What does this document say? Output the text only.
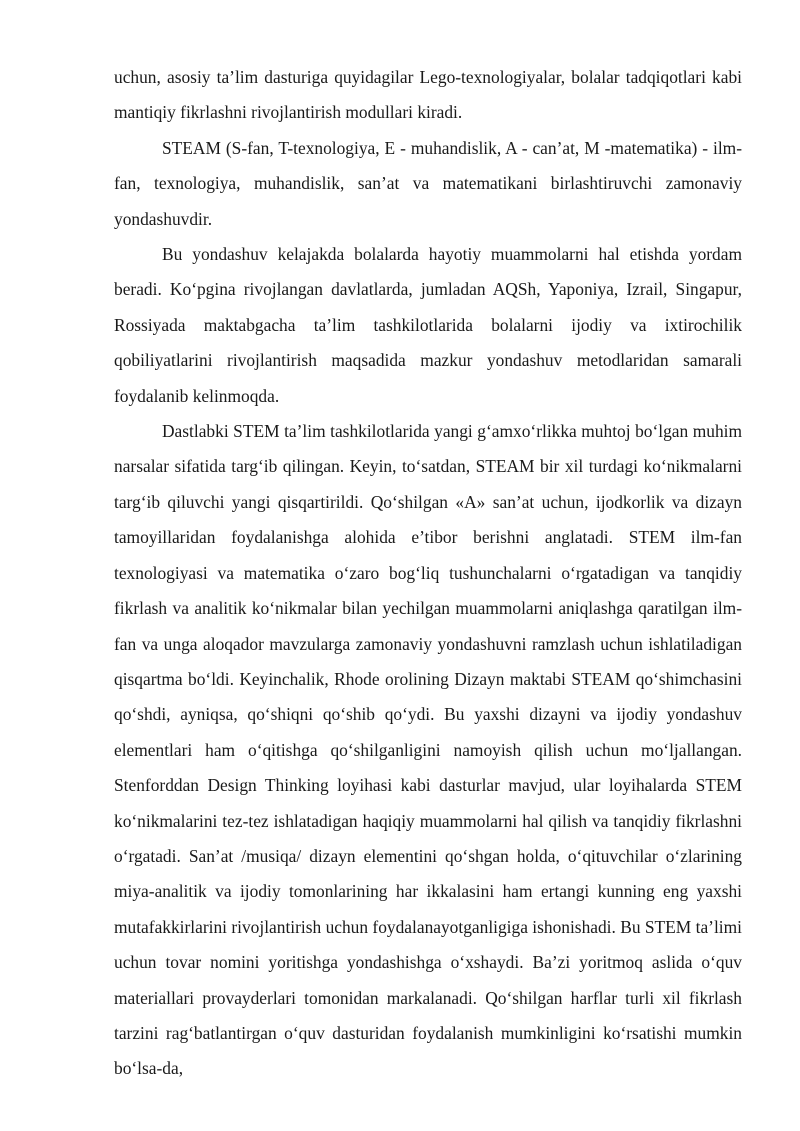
uchun, asosiy ta’lim dasturiga quyidagilar Lego-texnologiyalar, bolalar tadqiqotlari kabi mantiqiy fikrlashni rivojlantirish modullari kiradi.

STEAM (S-fan, T-texnologiya, E - muhandislik, A - can’at, M -matematika) - ilm-fan, texnologiya, muhandislik, san’at va matematikani birlashtiruvchi zamonaviy yondashuvdir.

Bu yondashuv kelajakda bolalarda hayotiy muammolarni hal etishda yordam beradi. Ko‘pgina rivojlangan davlatlarda, jumladan AQSh, Yaponiya, Izrail, Singapur, Rossiyada maktabgacha ta’lim tashkilotlarida bolalarni ijodiy va ixtirochilik qobiliyatlarini rivojlantirish maqsadida mazkur yondashuv metodlaridan samarali foydalanib kelinmoqda.

Dastlabki STEM ta’lim tashkilotlarida yangi g‘amxo‘rlikka muhtoj bo‘lgan muhim narsalar sifatida targ‘ib qilingan. Keyin, to‘satdan, STEAM bir xil turdagi ko‘nikmalarni targ‘ib qiluvchi yangi qisqartirildi. Qo‘shilgan «A» san’at uchun, ijodkorlik va dizayn tamoyillaridan foydalanishga alohida e’tibor berishni anglatadi. STEM ilm-fan texnologiyasi va matematika o‘zaro bog‘liq tushunchalarni o‘rgatadigan va tanqidiy fikrlash va analitik ko‘nikmalar bilan yechilgan muammolarni aniqlashga qaratilgan ilm-fan va unga aloqador mavzularga zamonaviy yondashuvni ramzlash uchun ishlatiladigan qisqartma bo‘ldi. Keyinchalik, Rhode orolining Dizayn maktabi STEAM qo‘shimchasini qo‘shdi, ayniqsa, qo‘shiqni qo‘shib qo‘ydi. Bu yaxshi dizayni va ijodiy yondashuv elementlari ham o‘qitishga qo‘shilganligini namoyish qilish uchun mo‘ljallangan. Stenforddan Design Thinking loyihasi kabi dasturlar mavjud, ular loyihalarda STEM ko‘nikmalarini tez-tez ishlatadigan haqiqiy muammolarni hal qilish va tanqidiy fikrlashni o‘rgatadi. San’at /musiqa/ dizayn elementini qo‘shgan holda, o‘qituvchilar o‘zlarining miya-analitik va ijodiy tomonlarining har ikkalasini ham ertangi kunning eng yaxshi mutafakkirlarini rivojlantirish uchun foydalanayotganligiga ishonishadi. Bu STEM ta’limi uchun tovar nomini yoritishga yondashishga o‘xshaydi. Ba’zi yoritmoq aslida o‘quv materiallari provayderlari tomonidan markalanadi. Qo‘shilgan harflar turli xil fikrlash tarzini rag‘batlantirgan o‘quv dasturidan foydalanish mumkinligini ko‘rsatishi mumkin bo‘lsa-da,
